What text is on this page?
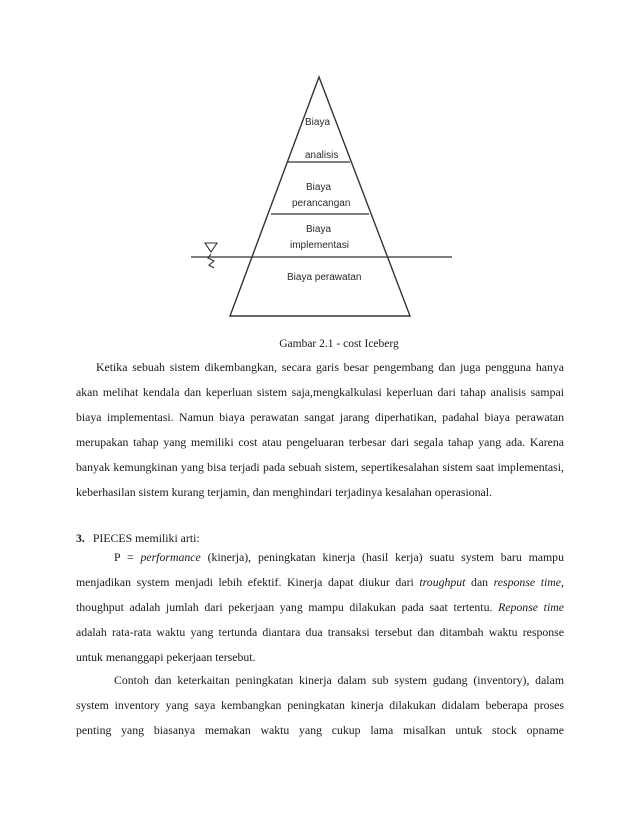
Biaya
analisis
Biaya
perancangan
Biaya
implementasi
Biaya perawatan
Gambar 2.1 - cost Iceberg

Ketika sebuah sistem dikembangkan, secara garis besar pengembang dan juga pengguna hanya akan melihat kendala dan keperluan sistem saja,mengkalkulasi keperluan dari tahap analisis sampai biaya implementasi. Namun biaya perawatan sangat jarang diperhatikan, padahal biaya perawatan merupakan tahap yang memiliki cost atau pengeluaran terbesar dari segala tahap yang ada. Karena banyak kemungkinan yang bisa terjadi pada sebuah sistem, sepertikesalahan sistem saat implementasi, keberhasilan sistem kurang terjamin, dan menghindari terjadinya kesalahan operasional.

3. PIECES memiliki arti:

P = performance (kinerja), peningkatan kinerja (hasil kerja) suatu system baru mampu menjadikan system menjadi lebih efektif. Kinerja dapat diukur dari troughput dan response time, thoughput adalah jumlah dari pekerjaan yang mampu dilakukan pada saat tertentu. Reponse time adalah rata-rata waktu yang tertunda diantara dua transaksi tersebut dan ditambah waktu response untuk menanggapi pekerjaan tersebut.

Contoh dan keterkaitan peningkatan kinerja dalam sub system gudang (inventory), dalam system inventory yang saya kembangkan peningkatan kinerja dilakukan didalam beberapa proses penting yang biasanya memakan waktu yang cukup lama misalkan untuk stock opname
